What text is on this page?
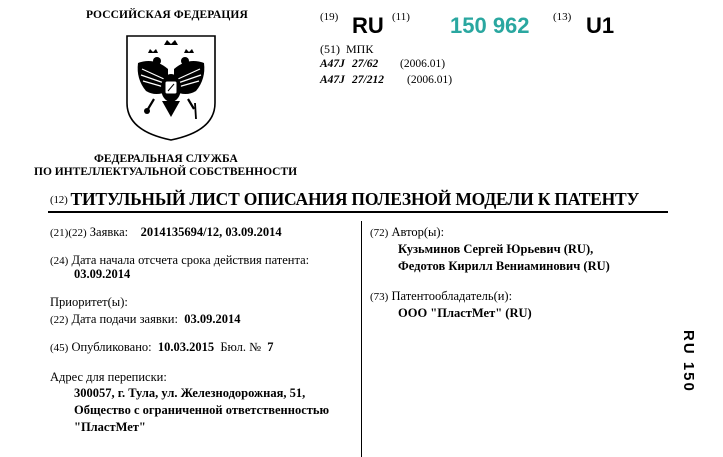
РОССИЙСКАЯ ФЕДЕРАЦИЯ
ФЕДЕРАЛЬНАЯ СЛУЖБА
ПО ИНТЕЛЛЕКТУАЛЬНОЙ СОБСТВЕННОСТИ
(19) RU (11) 150 962 (13) U1
(51) МПК
A47J 27/62 (2006.01)
A47J 27/212 (2006.01)
(12) ТИТУЛЬНЫЙ ЛИСТ ОПИСАНИЯ ПОЛЕЗНОЙ МОДЕЛИ К ПАТЕНТУ
(21)(22) Заявка: 2014135694/12, 03.09.2014
(24) Дата начала отсчета срока действия патента:
03.09.2014
Приоритет(ы):
(22) Дата подачи заявки: 03.09.2014
(45) Опубликовано: 10.03.2015 Бюл. № 7
Адрес для переписки:
300057, г. Тула, ул. Железнодорожная, 51,
Общество с ограниченной ответственностью
"ПластМет"
(72) Автор(ы):
Кузьминов Сергей Юрьевич (RU),
Федотов Кирилл Вениаминович (RU)
(73) Патентообладатель(и):
ООО "ПластМет" (RU)
RU 150
